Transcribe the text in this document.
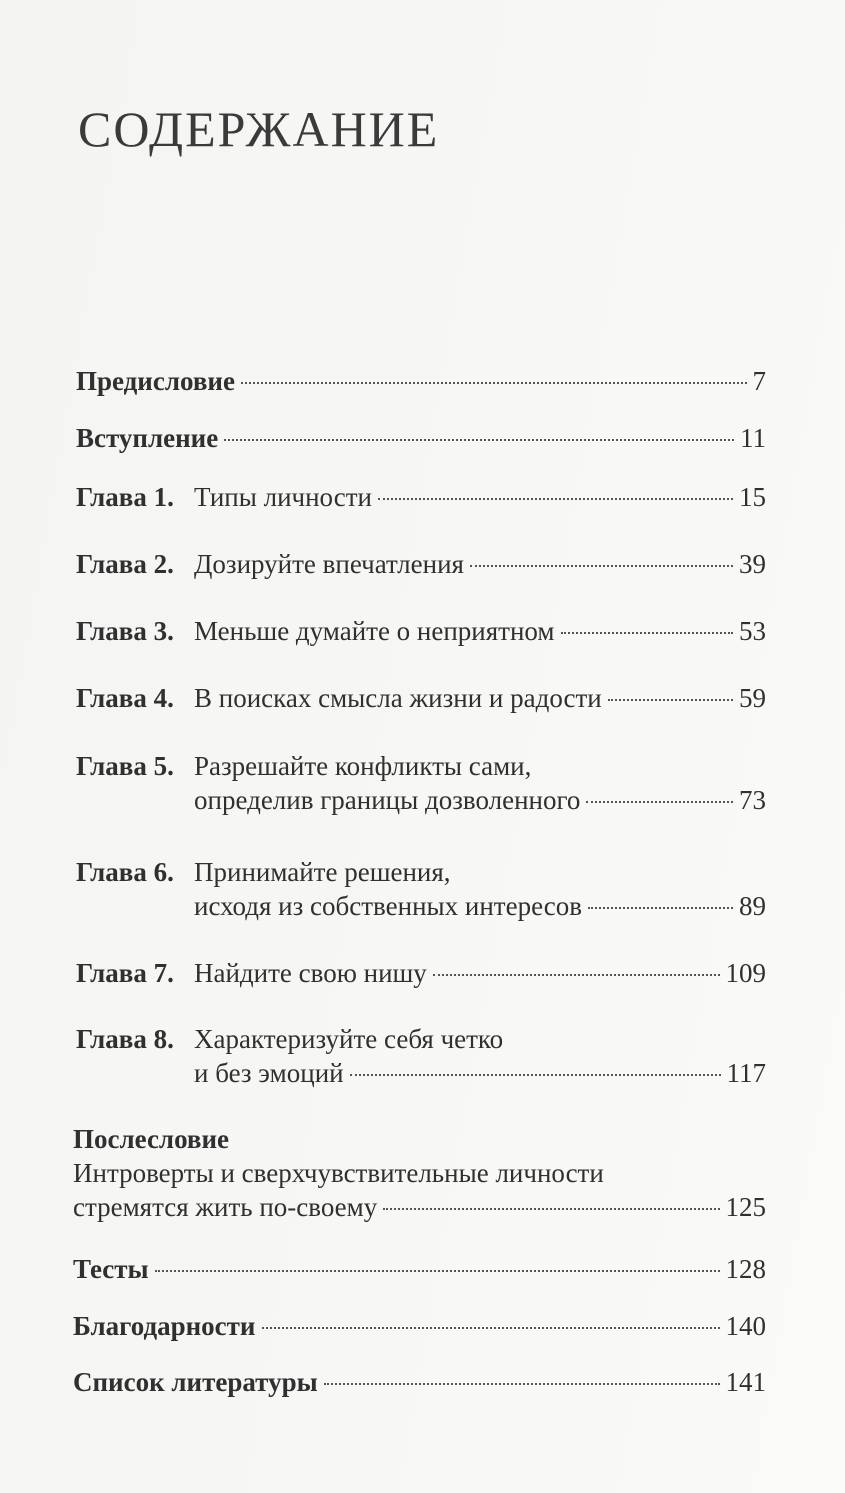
СОДЕРЖАНИЕ
Предисловие	7
Вступление	11
Глава 1. Типы личности	15
Глава 2. Дозируйте впечатления	39
Глава 3. Меньше думайте о неприятном	53
Глава 4. В поисках смысла жизни и радости	59
Глава 5. Разрешайте конфликты сами,
определив границы дозволенного	73
Глава 6. Принимайте решения,
исходя из собственных интересов	89
Глава 7. Найдите свою нишу	109
Глава 8. Характеризуйте себя четко
и без эмоций	117
Послесловие
Интроверты и сверхчувствительные личности
стремятся жить по-своему	125
Тесты	128
Благодарности	140
Список литературы	141
